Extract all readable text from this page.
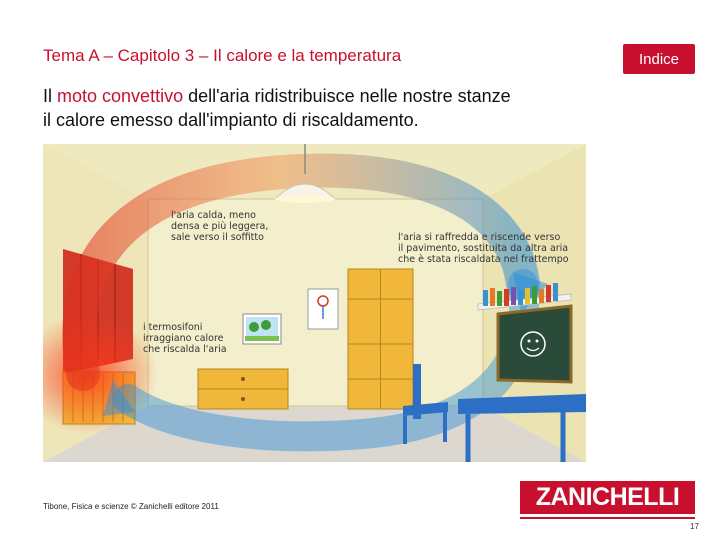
Tema A – Capitolo 3 – Il calore e la temperatura	Indice
Il moto convettivo dell'aria ridistribuisce nelle nostre stanze
il calore emesso dall'impianto di riscaldamento.
l'aria calda, meno
densa e più leggera,
sale verso il soffitto	l'aria si raffredda e riscende verso
il pavimento, sostituita da altra aria
che è stata riscaldata nel frattempo
i termosifoni
irraggiano calore
che riscalda l'aria
Tibone, Fisica e scienze © Zanichelli editore 2011	ZANICHELLI
17
